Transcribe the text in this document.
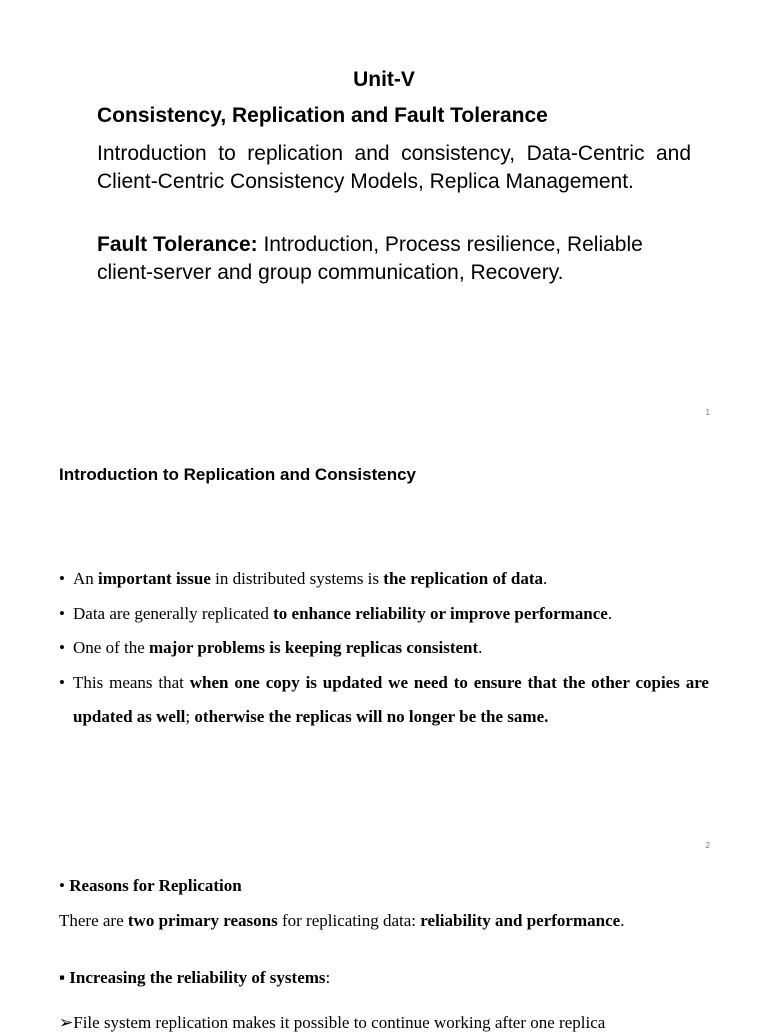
Unit-V
Consistency, Replication and Fault Tolerance

Introduction to replication and consistency, Data-Centric and Client-Centric Consistency Models, Replica Management.

Fault Tolerance: Introduction, Process resilience, Reliable client-server and group communication, Recovery.

1
Introduction to Replication and Consistency
• An important issue in distributed systems is the replication of data.
• Data are generally replicated to enhance reliability or improve performance.
• One of the major problems is keeping replicas consistent.
• This means that when one copy is updated we need to ensure that the other copies are updated as well; otherwise the replicas will no longer be the same.
2
• Reasons for Replication
There are two primary reasons for replicating data: reliability and performance.
▪ Increasing the reliability of systems:
➢File system replication makes it possible to continue working after one replica
